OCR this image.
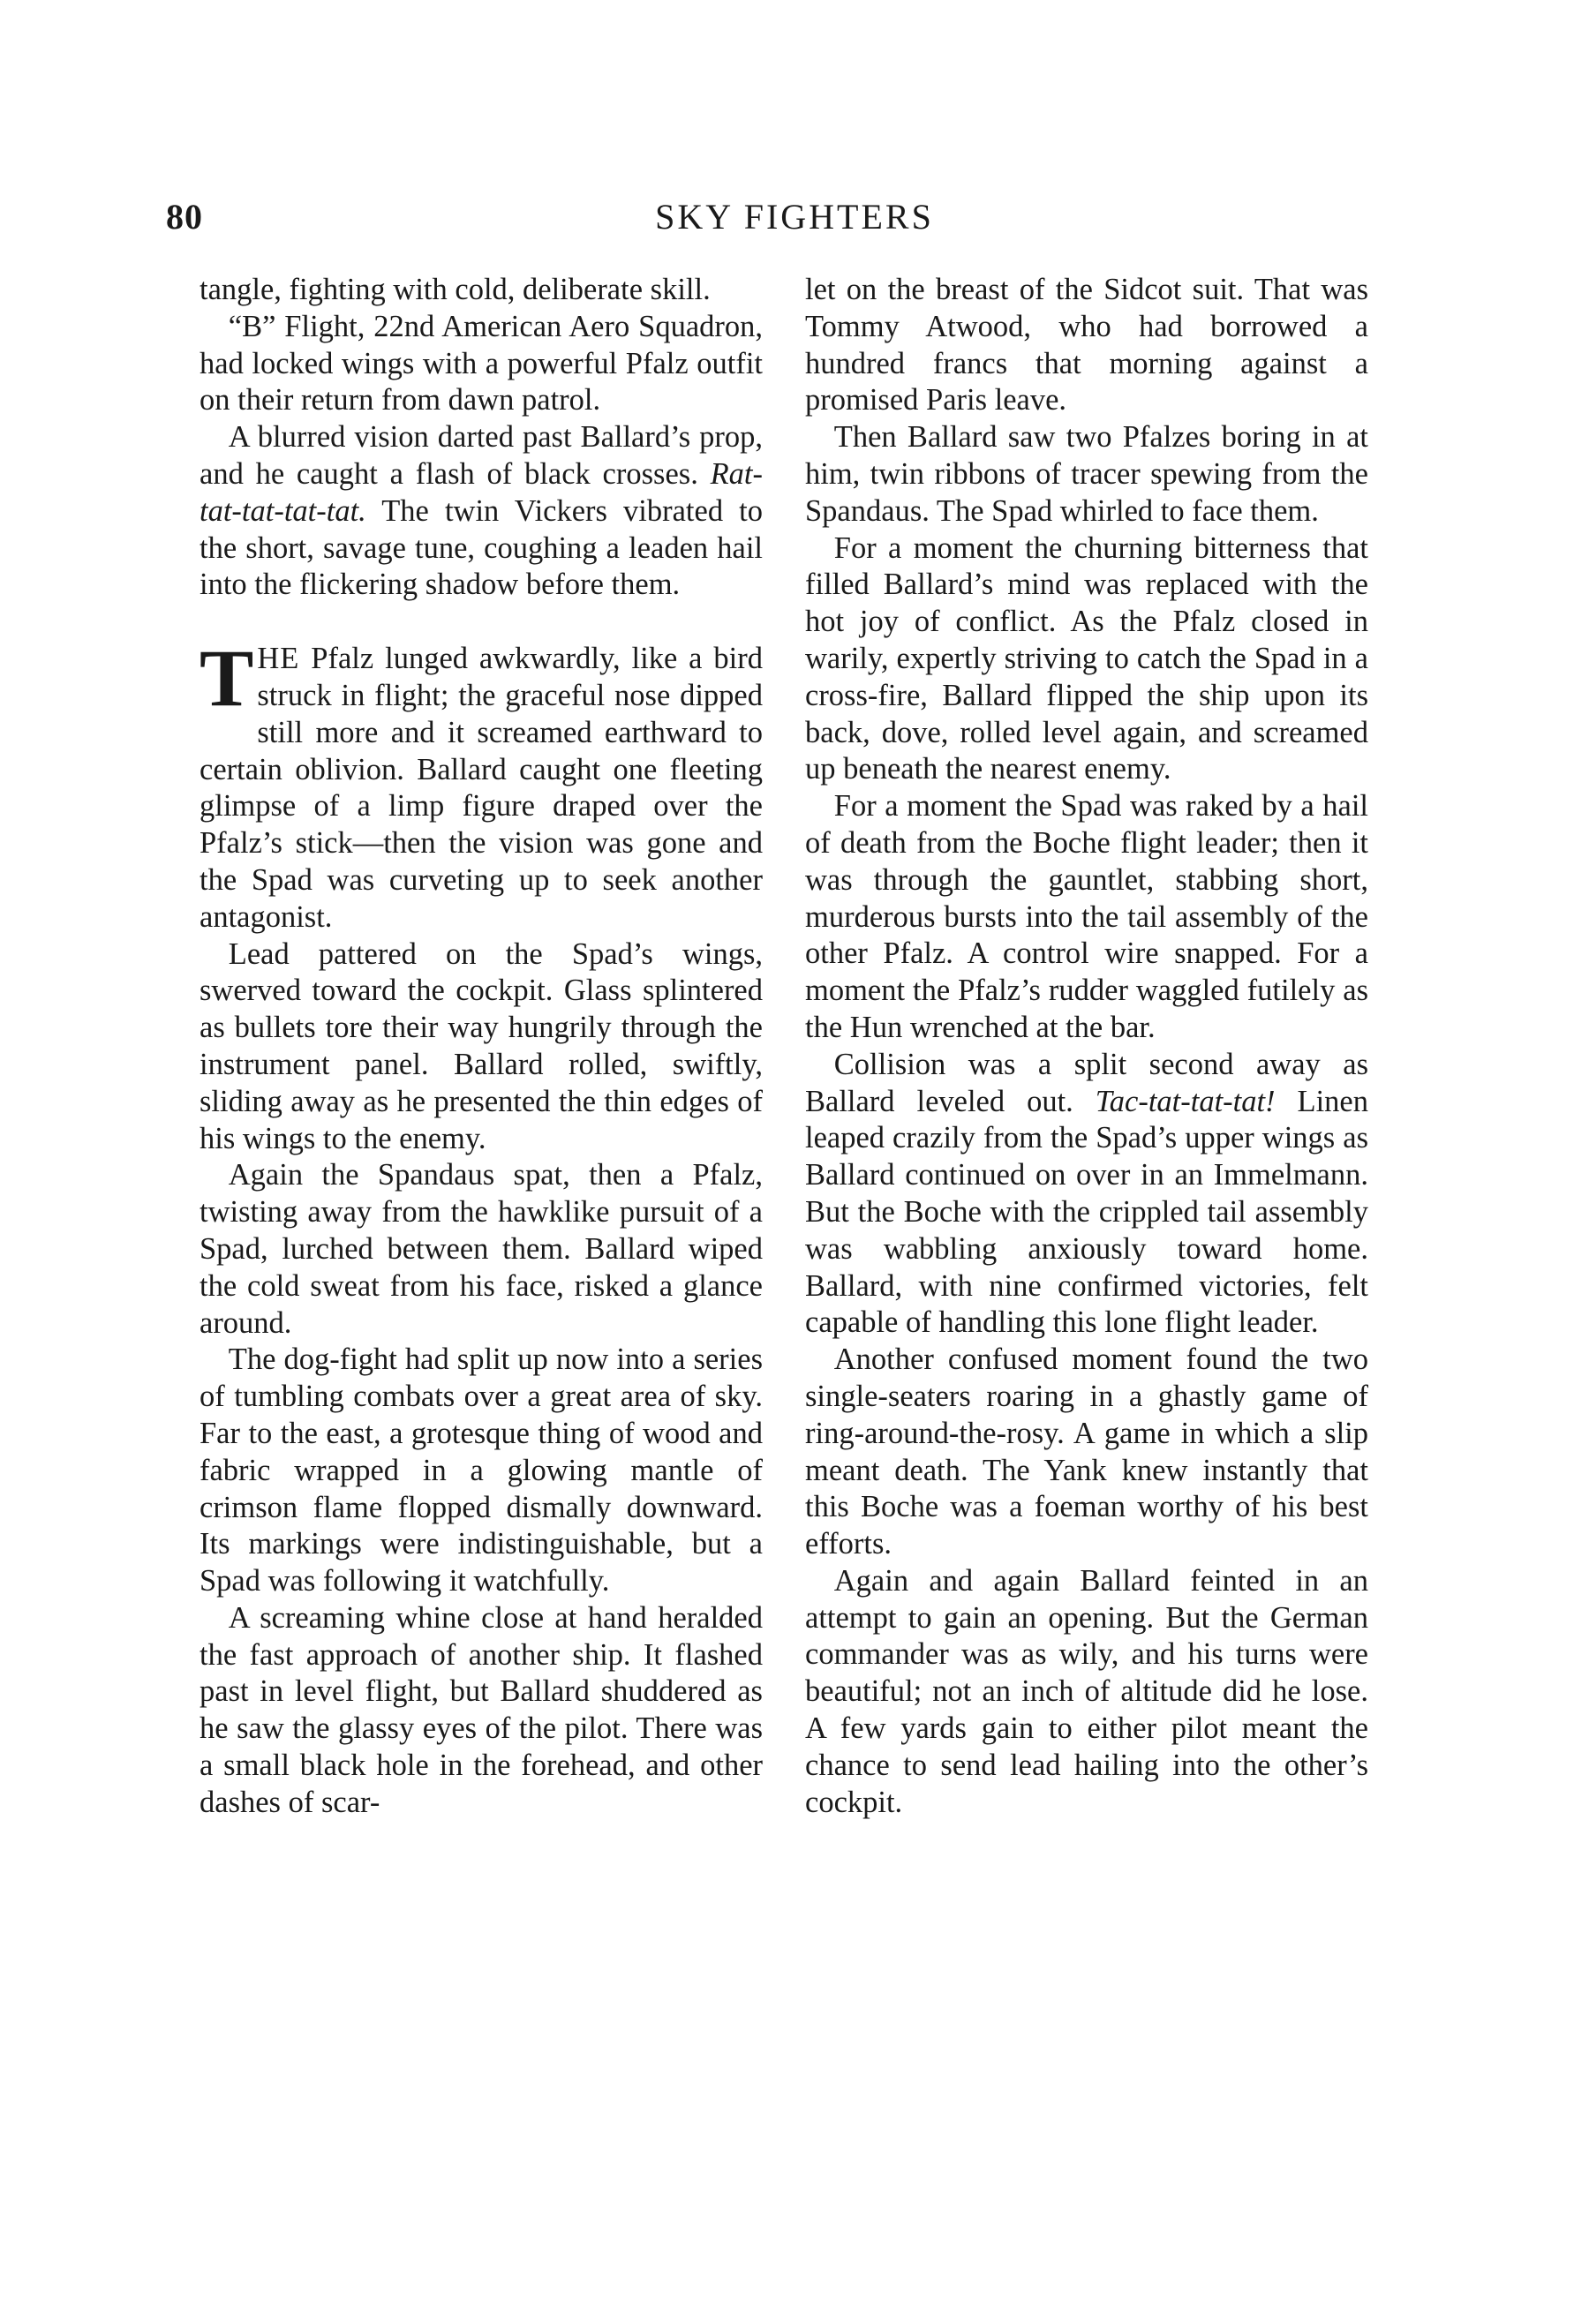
80	SKY FIGHTERS

tangle, fighting with cold, deliberate skill.

“B” Flight, 22nd American Aero Squadron, had locked wings with a powerful Pfalz outfit on their return from dawn patrol.

A blurred vision darted past Ballard’s prop, and he caught a flash of black crosses. Rat-tat-tat-tat-tat. The twin Vickers vibrated to the short, savage tune, coughing a leaden hail into the flickering shadow before them.

THE Pfalz lunged awkwardly, like a bird struck in flight; the graceful nose dipped still more and it screamed earthward to certain oblivion. Ballard caught one fleeting glimpse of a limp figure draped over the Pfalz’s stick—then the vision was gone and the Spad was curveting up to seek another antagonist.

Lead pattered on the Spad’s wings, swerved toward the cockpit. Glass splintered as bullets tore their way hungrily through the instrument panel. Ballard rolled, swiftly, sliding away as he presented the thin edges of his wings to the enemy.

Again the Spandaus spat, then a Pfalz, twisting away from the hawklike pursuit of a Spad, lurched between them. Ballard wiped the cold sweat from his face, risked a glance around.

The dog-fight had split up now into a series of tumbling combats over a great area of sky. Far to the east, a grotesque thing of wood and fabric wrapped in a glowing mantle of crimson flame flopped dismally downward. Its markings were indistinguishable, but a Spad was following it watchfully.

A screaming whine close at hand heralded the fast approach of another ship. It flashed past in level flight, but Ballard shuddered as he saw the glassy eyes of the pilot. There was a small black hole in the forehead, and other dashes of scar-

let on the breast of the Sidcot suit. That was Tommy Atwood, who had borrowed a hundred francs that morning against a promised Paris leave.

Then Ballard saw two Pfalzes boring in at him, twin ribbons of tracer spewing from the Spandaus. The Spad whirled to face them.

For a moment the churning bitterness that filled Ballard’s mind was replaced with the hot joy of conflict. As the Pfalz closed in warily, expertly striving to catch the Spad in a cross-fire, Ballard flipped the ship upon its back, dove, rolled level again, and screamed up beneath the nearest enemy.

For a moment the Spad was raked by a hail of death from the Boche flight leader; then it was through the gauntlet, stabbing short, murderous bursts into the tail assembly of the other Pfalz. A control wire snapped. For a moment the Pfalz’s rudder waggled futilely as the Hun wrenched at the bar.

Collision was a split second away as Ballard leveled out. Tac-tat-tat-tat! Linen leaped crazily from the Spad’s upper wings as Ballard continued on over in an Immelmann. But the Boche with the crippled tail assembly was wabbling anxiously toward home. Ballard, with nine confirmed victories, felt capable of handling this lone flight leader.

Another confused moment found the two single-seaters roaring in a ghastly game of ring-around-the-rosy. A game in which a slip meant death. The Yank knew instantly that this Boche was a foeman worthy of his best efforts.

Again and again Ballard feinted in an attempt to gain an opening. But the German commander was as wily, and his turns were beautiful; not an inch of altitude did he lose. A few yards gain to either pilot meant the chance to send lead hailing into the other’s cockpit.
